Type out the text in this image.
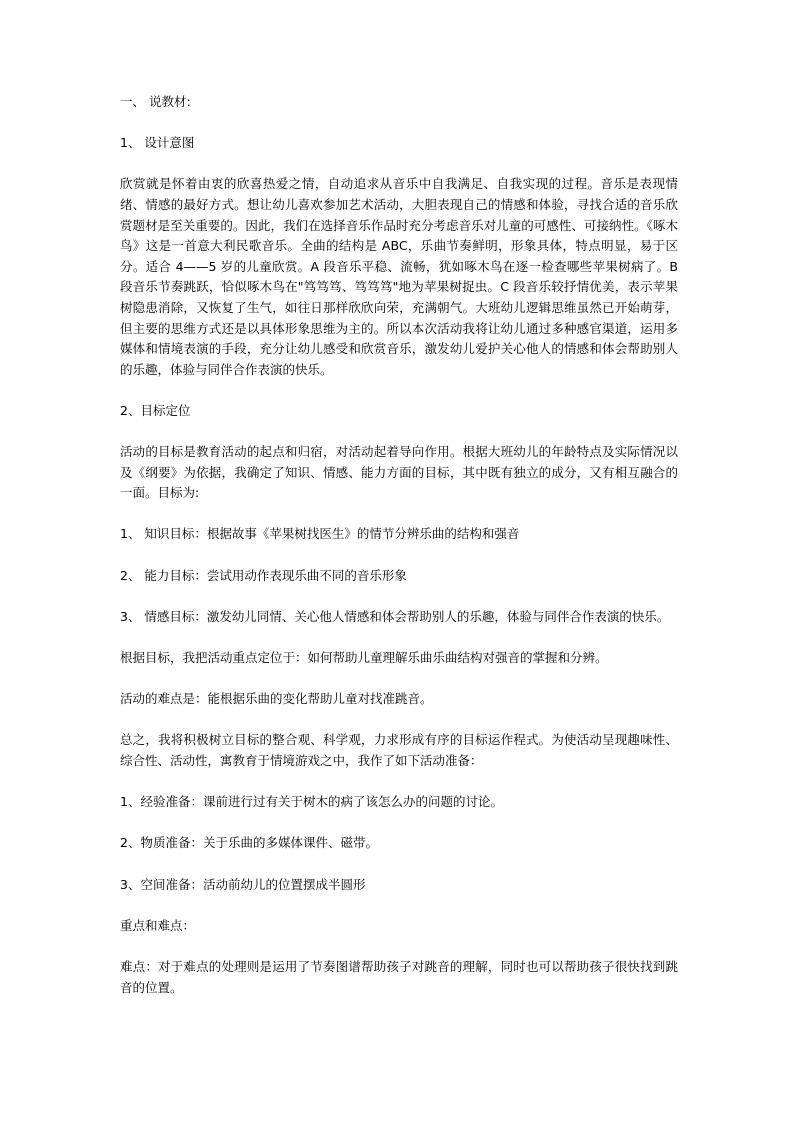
一、 说教材:

1、 设计意图

欣赏就是怀着由衷的欣喜热爱之情，自动追求从音乐中自我满足、自我实现的过程。音乐是表现情绪、情感的最好方式。想让幼儿喜欢参加艺术活动，大胆表现自己的情感和体验，寻找合适的音乐欣赏题材是至关重要的。因此，我们在选择音乐作品时充分考虑音乐对儿童的可感性、可接纳性。《啄木鸟》这是一首意大利民歌音乐。全曲的结构是 ABC，乐曲节奏鲜明，形象具体，特点明显，易于区分。适合 4——5 岁的儿童欣赏。A 段音乐平稳、流畅，犹如啄木鸟在逐一检查哪些苹果树病了。B 段音乐节奏跳跃，恰似啄木鸟在"笃笃笃、笃笃笃"地为苹果树捉虫。C 段音乐较抒情优美，表示苹果树隐患消除，又恢复了生气，如往日那样欣欣向荣，充满朝气。大班幼儿逻辑思维虽然已开始萌芽，但主要的思维方式还是以具体形象思维为主的。所以本次活动我将让幼儿通过多种感官渠道，运用多媒体和情境表演的手段，充分让幼儿感受和欣赏音乐，激发幼儿爱护关心他人的情感和体会帮助别人的乐趣，体验与同伴合作表演的快乐。

2、目标定位

活动的目标是教育活动的起点和归宿，对活动起着导向作用。根据大班幼儿的年龄特点及实际情况以及《纲要》为依据，我确定了知识、情感、能力方面的目标，其中既有独立的成分，又有相互融合的一面。目标为:

1、 知识目标：根据故事《苹果树找医生》的情节分辨乐曲的结构和强音

2、 能力目标：尝试用动作表现乐曲不同的音乐形象

3、 情感目标：激发幼儿同情、关心他人情感和体会帮助别人的乐趣，体验与同伴合作表演的快乐。

根据目标，我把活动重点定位于：如何帮助儿童理解乐曲乐曲结构对强音的掌握和分辨。

活动的难点是：能根据乐曲的变化帮助儿童对找准跳音。

总之，我将积极树立目标的整合观、科学观，力求形成有序的目标运作程式。为使活动呈现趣味性、综合性、活动性，寓教育于情境游戏之中，我作了如下活动准备：

1、经验准备：课前进行过有关于树木的病了该怎么办的问题的讨论。

2、物质准备：关于乐曲的多媒体课件、磁带。

3、空间准备：活动前幼儿的位置摆成半圆形

重点和难点：

难点：对于难点的处理则是运用了节奏图谱帮助孩子对跳音的理解，同时也可以帮助孩子很快找到跳音的位置。
